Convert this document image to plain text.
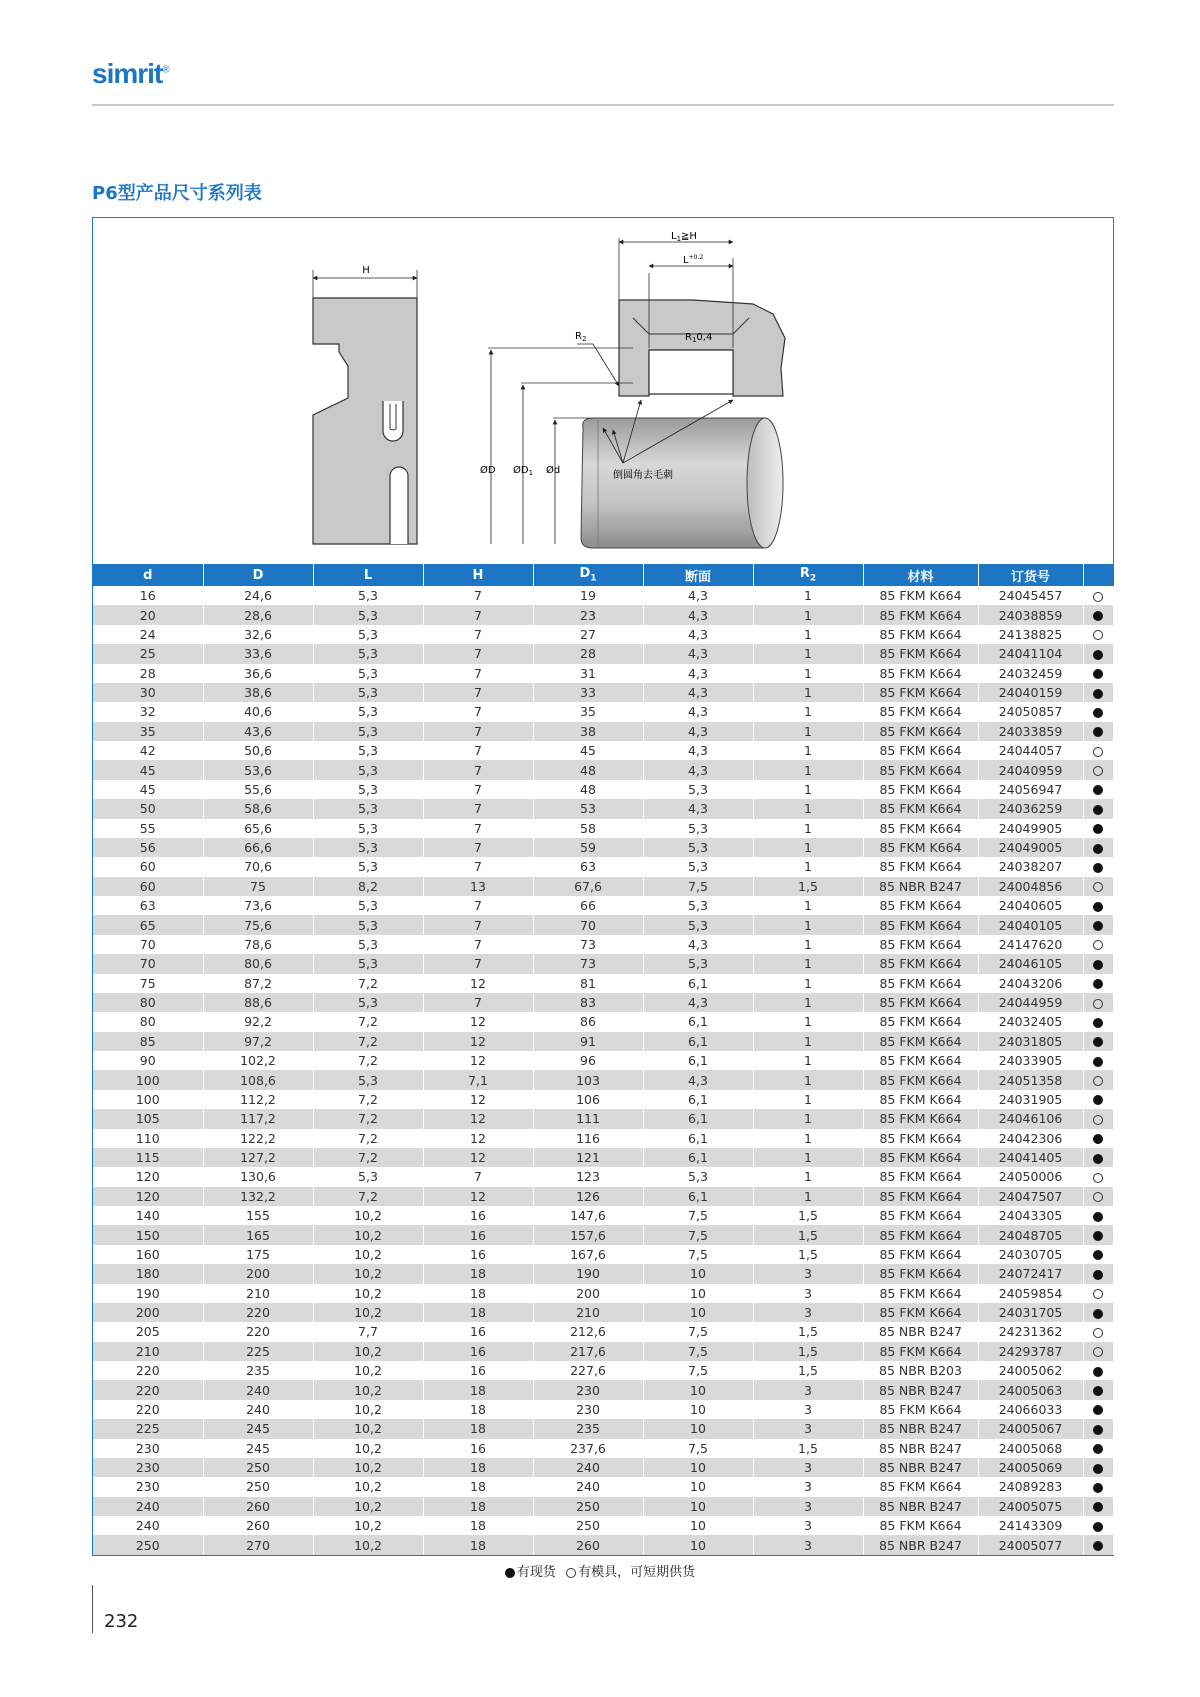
simrit®
P6型产品尺寸系列表
H
$L_1≧H$
$L^{+0.2}$
$R_10,4$
$R_2$
ØD $ØD_1$ Ød	倒圆角去毛刺
d	D	L	H	$D_1$	断面	$R_2$	材料	订货号	
16	24,6	5,3	7	19	4,3	1	85 FKM K664	24045457	
20	28,6	5,3	7	23	4,3	1	85 FKM K664	24038859	
24	32,6	5,3	7	27	4,3	1	85 FKM K664	24138825	
25	33,6	5,3	7	28	4,3	1	85 FKM K664	24041104	
28	36,6	5,3	7	31	4,3	1	85 FKM K664	24032459	
30	38,6	5,3	7	33	4,3	1	85 FKM K664	24040159	
32	40,6	5,3	7	35	4,3	1	85 FKM K664	24050857	
35	43,6	5,3	7	38	4,3	1	85 FKM K664	24033859	
42	50,6	5,3	7	45	4,3	1	85 FKM K664	24044057	
45	53,6	5,3	7	48	4,3	1	85 FKM K664	24040959	
45	55,6	5,3	7	48	5,3	1	85 FKM K664	24056947	
50	58,6	5,3	7	53	4,3	1	85 FKM K664	24036259	
55	65,6	5,3	7	58	5,3	1	85 FKM K664	24049905	
56	66,6	5,3	7	59	5,3	1	85 FKM K664	24049005	
60	70,6	5,3	7	63	5,3	1	85 FKM K664	24038207	
60	75	8,2	13	67,6	7,5	1,5	85 NBR B247	24004856	
63	73,6	5,3	7	66	5,3	1	85 FKM K664	24040605	
65	75,6	5,3	7	70	5,3	1	85 FKM K664	24040105	
70	78,6	5,3	7	73	4,3	1	85 FKM K664	24147620	
70	80,6	5,3	7	73	5,3	1	85 FKM K664	24046105	
75	87,2	7,2	12	81	6,1	1	85 FKM K664	24043206	
80	88,6	5,3	7	83	4,3	1	85 FKM K664	24044959	
80	92,2	7,2	12	86	6,1	1	85 FKM K664	24032405	
85	97,2	7,2	12	91	6,1	1	85 FKM K664	24031805	
90	102,2	7,2	12	96	6,1	1	85 FKM K664	24033905	
100	108,6	5,3	7,1	103	4,3	1	85 FKM K664	24051358	
100	112,2	7,2	12	106	6,1	1	85 FKM K664	24031905	
105	117,2	7,2	12	111	6,1	1	85 FKM K664	24046106	
110	122,2	7,2	12	116	6,1	1	85 FKM K664	24042306	
115	127,2	7,2	12	121	6,1	1	85 FKM K664	24041405	
120	130,6	5,3	7	123	5,3	1	85 FKM K664	24050006	
120	132,2	7,2	12	126	6,1	1	85 FKM K664	24047507	
140	155	10,2	16	147,6	7,5	1,5	85 FKM K664	24043305	
150	165	10,2	16	157,6	7,5	1,5	85 FKM K664	24048705	
160	175	10,2	16	167,6	7,5	1,5	85 FKM K664	24030705	
180	200	10,2	18	190	10	3	85 FKM K664	24072417	
190	210	10,2	18	200	10	3	85 FKM K664	24059854	
200	220	10,2	18	210	10	3	85 FKM K664	24031705	
205	220	7,7	16	212,6	7,5	1,5	85 NBR B247	24231362	
210	225	10,2	16	217,6	7,5	1,5	85 FKM K664	24293787	
220	235	10,2	16	227,6	7,5	1,5	85 NBR B203	24005062	
220	240	10,2	18	230	10	3	85 NBR B247	24005063	
220	240	10,2	18	230	10	3	85 FKM K664	24066033	
225	245	10,2	18	235	10	3	85 NBR B247	24005067	
230	245	10,2	16	237,6	7,5	1,5	85 NBR B247	24005068	
230	250	10,2	18	240	10	3	85 NBR B247	24005069	
230	250	10,2	18	240	10	3	85 FKM K664	24089283	
240	260	10,2	18	250	10	3	85 NBR B247	24005075	
240	260	10,2	18	250	10	3	85 FKM K664	24143309	
250	270	10,2	18	260	10	3	85 NBR B247	24005077	
有现货 有模具，可短期供货
232
